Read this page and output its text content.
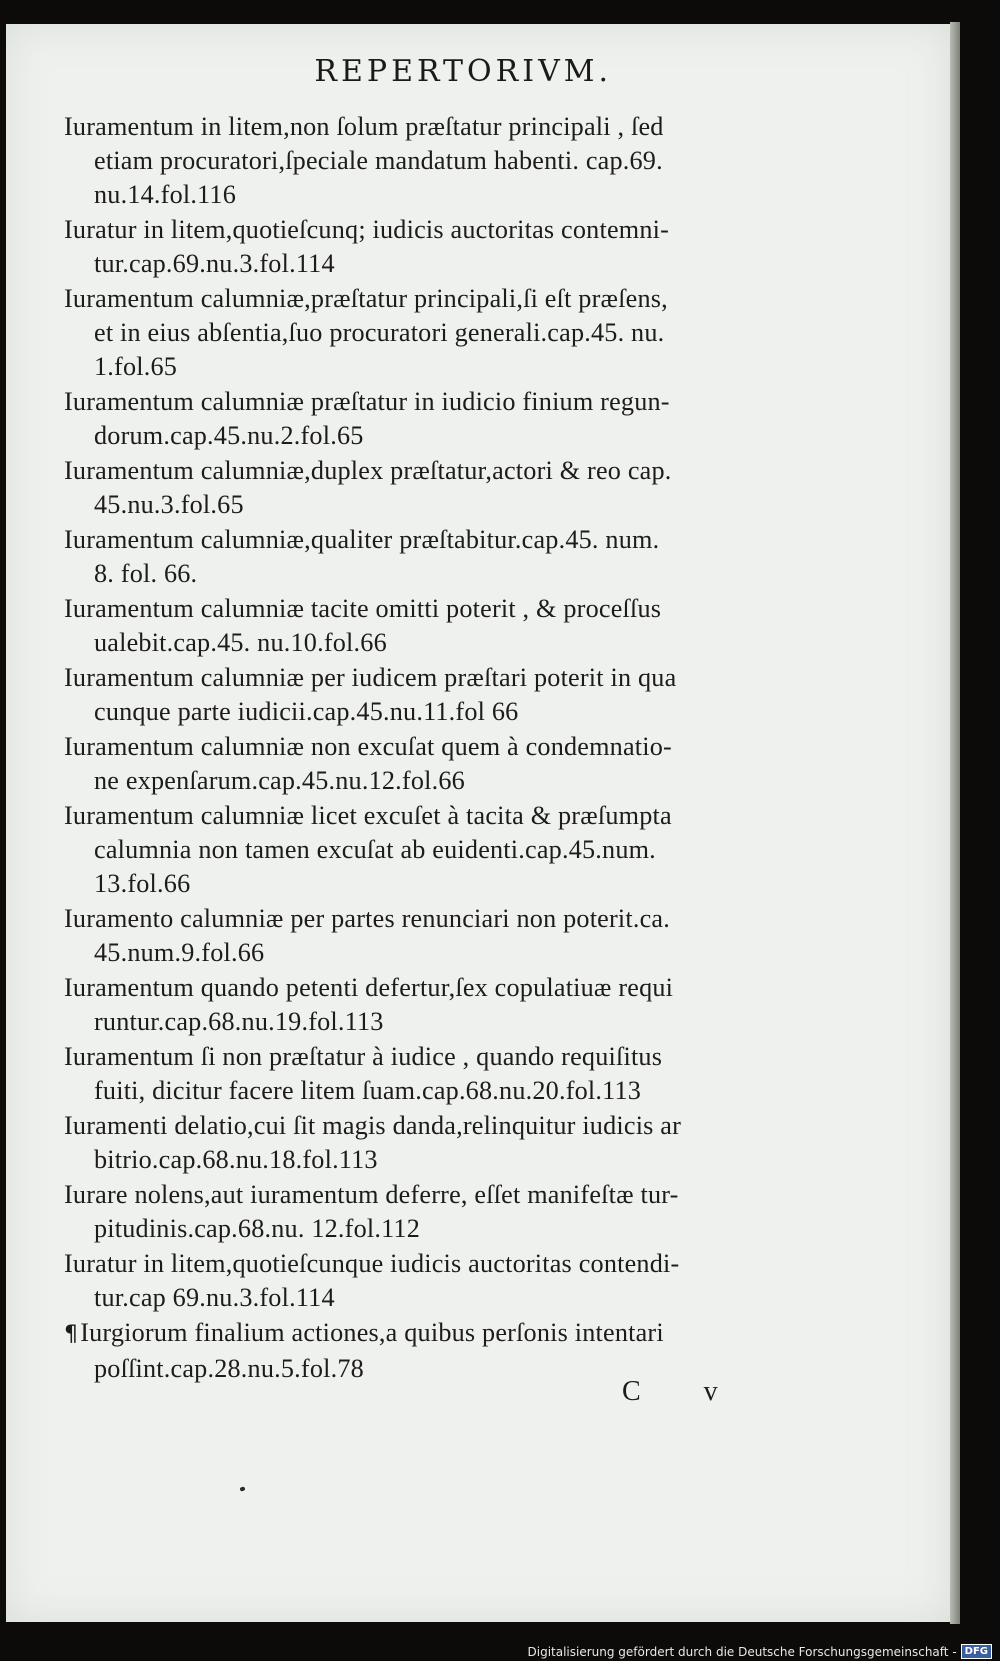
REPERTORIVM.
Iuramentum in litem,non ſolum præſtatur principali , ſed
etiam procuratori,ſpeciale mandatum habenti. cap.69.
nu.14.fol.116
Iuratur in litem,quotieſcunq; iudicis auctoritas contemni-
tur.cap.69.nu.3.fol.114
Iuramentum calumniæ,præſtatur principali,ſi eſt præſens,
et in eius abſentia,ſuo procuratori generali.cap.45. nu.
1.fol.65
Iuramentum calumniæ præſtatur in iudicio finium regun-
dorum.cap.45.nu.2.fol.65
Iuramentum calumniæ,duplex præſtatur,actori & reo cap.
45.nu.3.fol.65
Iuramentum calumniæ,qualiter præſtabitur.cap.45. num.
8. fol. 66.
Iuramentum calumniæ tacite omitti poterit , & proceſſus
ualebit.cap.45. nu.10.fol.66
Iuramentum calumniæ per iudicem præſtari poterit in qua
cunque parte iudicii.cap.45.nu.11.fol 66
Iuramentum calumniæ non excuſat quem à condemnatio-
ne expenſarum.cap.45.nu.12.fol.66
Iuramentum calumniæ licet excuſet à tacita & præſumpta
calumnia non tamen excuſat ab euidenti.cap.45.num.
13.fol.66
Iuramento calumniæ per partes renunciari non poterit.ca.
45.num.9.fol.66
Iuramentum quando petenti defertur,ſex copulatiuæ requi
runtur.cap.68.nu.19.fol.113
Iuramentum ſi non præſtatur à iudice , quando requiſitus
fuiti, dicitur facere litem ſuam.cap.68.nu.20.fol.113
Iuramenti delatio,cui ſit magis danda,relinquitur iudicis ar
bitrio.cap.68.nu.18.fol.113
Iurare nolens,aut iuramentum deferre, eſſet manifeſtæ tur-
pitudinis.cap.68.nu. 12.fol.112
Iuratur in litem,quotieſcunque iudicis auctoritas contendi-
tur.cap 69.nu.3.fol.114
¶Iurgiorum finalium actiones,a quibus perſonis intentari
poſſint.cap.28.nu.5.fol.78
C v
Digitalisierung gefördert durch die Deutsche Forschungsgemeinschaft - DFG
